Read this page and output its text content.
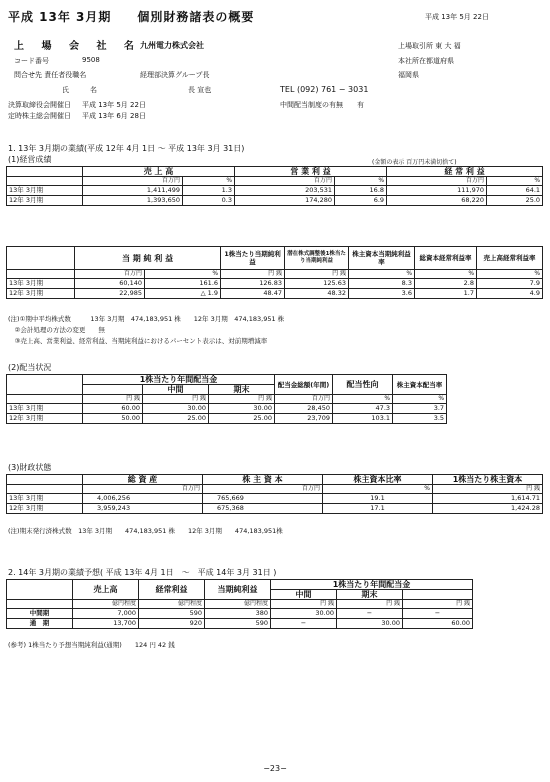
平成 13年 3月期　　個別財務諸表の概要	平成 13年 5月 22日
上 場 会 社 名 九州電力株式会社	上場取引所 東 大 福
コード番号	9508	本社所在都道府県
問合せ先 責任者役職名	経理部決算グループ長	福岡県
氏　　　名	長 宣也	TEL (092) 761 − 3031
決算取締役会開催日 平成 13年 5月 22日	中間配当制度の有無　　有
定時株主総会開催日 平成 13年 6月 28日
1. 13年 3月期の業績(平成 12年 4月 1日 〜 平成 13年 3月 31日)
(1)経営成績	(金額の表示 百万円未満切捨て)
	売 上 高		営 業 利 益		経 常 利 益	
	百万円	%	百万円	%	百万円	%
13年 3月期	1,411,499	1.3	203,531	16.8	111,970	64.1
12年 3月期	1,393,650	0.3	174,280	6.9	68,220	25.0
	当 期 純 利 益		1株当たり当期純利益	潜在株式調整後1株当たり当期純利益	株主資本当期純利益率	総資本経常利益率	売上高経常利益率
	百万円	%	円 銭	円 銭	%	%	%
13年 3月期	60,140	161.6	126.83	125.63	8.3	2.8	7.9
12年 3月期	22,985	△ 1.9	48.47	48.32	3.6	1.7	4.9
(注)①期中平均株式数　　　13年 3月期　474,183,951 株　　12年 3月期　474,183,951 株
　②会計処理の方法の変更　　無
　③売上高、営業利益、経常利益、当期純利益におけるパーセント表示は、対前期増減率
(2)配当状況
	1株当たり年間配当金			配当金総額(年間)	配当性向	株主資本配当率
		中間	期末			
	円 銭	円 銭	円 銭	百万円	%	%
13年 3月期	60.00	30.00	30.00	28,450	47.3	3.7
12年 3月期	50.00	25.00	25.00	23,709	103.1	3.5
(3)財政状態
	総 資 産	株 主 資 本	株主資本比率	1株当たり株主資本
	百万円	百万円	%	円 銭
13年 3月期	4,006,256	765,669	19.1	1,614.71
12年 3月期	3,959,243	675,368	17.1	1,424.28
(注)期末発行済株式数　13年 3月期　　474,183,951 株　　12年 3月期　　474,183,951株
2. 14年 3月期の業績予想( 平成 13年 4月 1日　〜　平成 14年 3月 31日 )
	売上高	経常利益	当期純利益	1株当たり年間配当金		
				中間	期末	
	億円程度	億円程度	億円程度	円 銭	円 銭	円 銭
中間期	7,000	590	380	30.00	−	−
通　期	13,700	920	590	−	30.00	60.00
(参考) 1株当たり予想当期純利益(通期)　　124 円 42 銭
−23−
